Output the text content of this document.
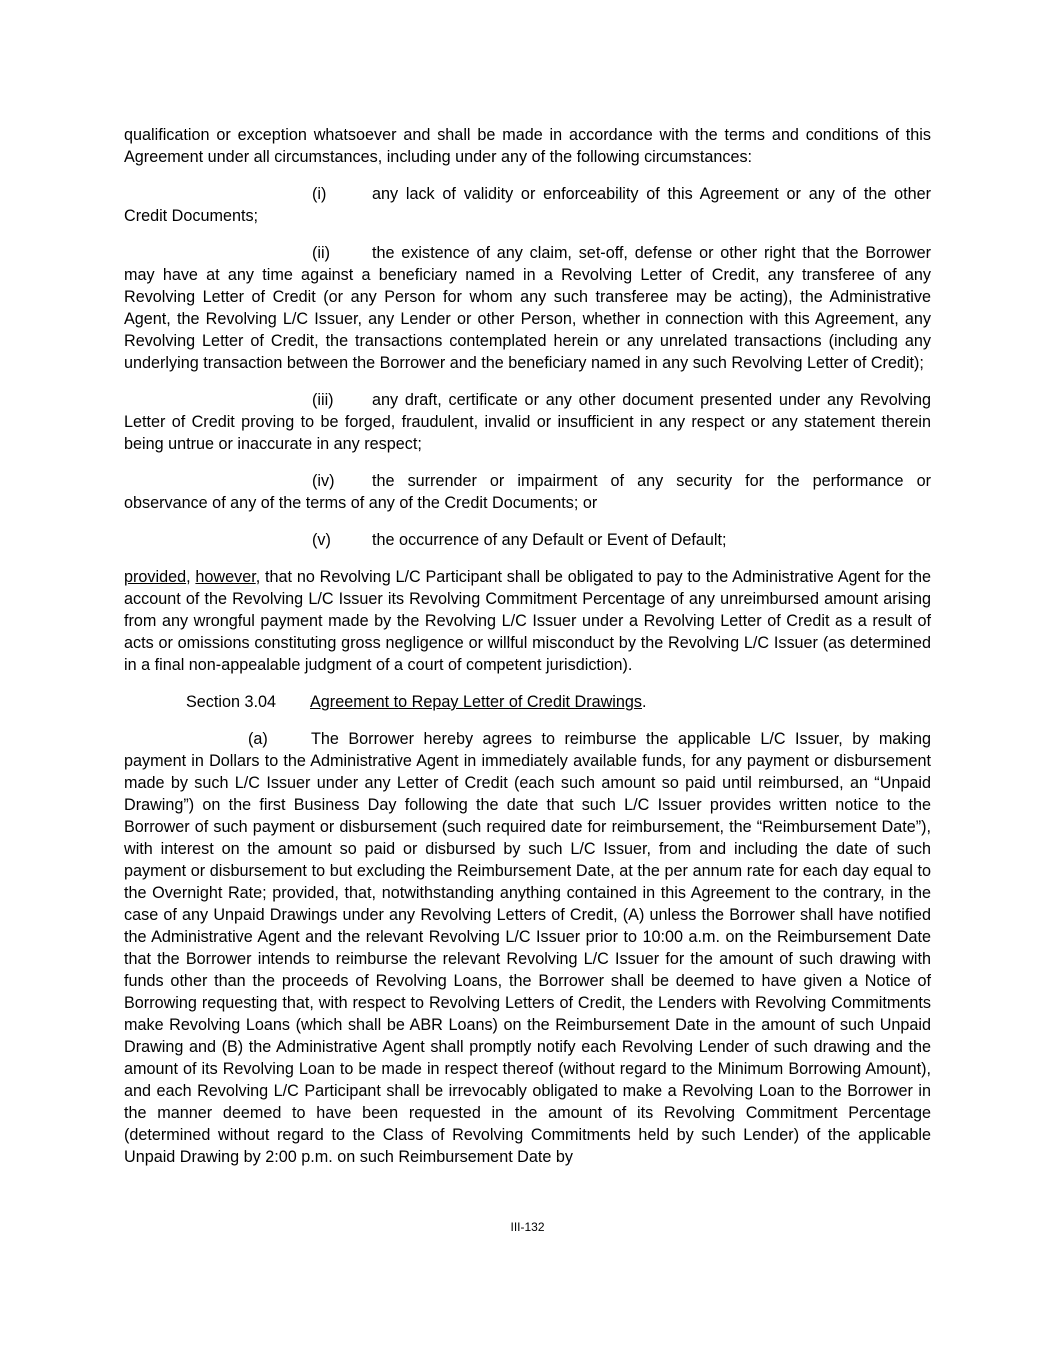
qualification or exception whatsoever and shall be made in accordance with the terms and conditions of this Agreement under all circumstances, including under any of the following circumstances:

(i)	any lack of validity or enforceability of this Agreement or any of the other Credit Documents;

(ii)	the existence of any claim, set-off, defense or other right that the Borrower may have at any time against a beneficiary named in a Revolving Letter of Credit, any transferee of any Revolving Letter of Credit (or any Person for whom any such transferee may be acting), the Administrative Agent, the Revolving L/C Issuer, any Lender or other Person, whether in connection with this Agreement, any Revolving Letter of Credit, the transactions contemplated herein or any unrelated transactions (including any underlying transaction between the Borrower and the beneficiary named in any such Revolving Letter of Credit);

(iii) any draft, certificate or any other document presented under any Revolving Letter of Credit proving to be forged, fraudulent, invalid or insufficient in any respect or any statement therein being untrue or inaccurate in any respect;

(iv) the surrender or impairment of any security for the performance or observance of any of the terms of any of the Credit Documents; or

(v)	the occurrence of any Default or Event of Default;

provided, however, that no Revolving L/C Participant shall be obligated to pay to the Administrative Agent for the account of the Revolving L/C Issuer its Revolving Commitment Percentage of any unreimbursed amount arising from any wrongful payment made by the Revolving L/C Issuer under a Revolving Letter of Credit as a result of acts or omissions constituting gross negligence or willful misconduct by the Revolving L/C Issuer (as determined in a final non-appealable judgment of a court of competent jurisdiction).

Section 3.04 Agreement to Repay Letter of Credit Drawings.

(a)	The Borrower hereby agrees to reimburse the applicable L/C Issuer, by making payment in Dollars to the Administrative Agent in immediately available funds, for any payment or disbursement made by such L/C Issuer under any Letter of Credit (each such amount so paid until reimbursed, an “Unpaid Drawing”) on the first Business Day following the date that such L/C Issuer provides written notice to the Borrower of such payment or disbursement (such required date for reimbursement, the “Reimbursement Date”), with interest on the amount so paid or disbursed by such L/C Issuer, from and including the date of such payment or disbursement to but excluding the Reimbursement Date, at the per annum rate for each day equal to the Overnight Rate; provided, that, notwithstanding anything contained in this Agreement to the contrary, in the case of any Unpaid Drawings under any Revolving Letters of Credit, (A) unless the Borrower shall have notified the Administrative Agent and the relevant Revolving L/C Issuer prior to 10:00 a.m. on the Reimbursement Date that the Borrower intends to reimburse the relevant Revolving L/C Issuer for the amount of such drawing with funds other than the proceeds of Revolving Loans, the Borrower shall be deemed to have given a Notice of Borrowing requesting that, with respect to Revolving Letters of Credit, the Lenders with Revolving Commitments make Revolving Loans (which shall be ABR Loans) on the Reimbursement Date in the amount of such Unpaid Drawing and (B) the Administrative Agent shall promptly notify each Revolving Lender of such drawing and the amount of its Revolving Loan to be made in respect thereof (without regard to the Minimum Borrowing Amount), and each Revolving L/C Participant shall be irrevocably obligated to make a Revolving Loan to the Borrower in the manner deemed to have been requested in the amount of its Revolving Commitment Percentage (determined without regard to the Class of Revolving Commitments held by such Lender) of the applicable Unpaid Drawing by 2:00 p.m. on such Reimbursement Date by

III-132
